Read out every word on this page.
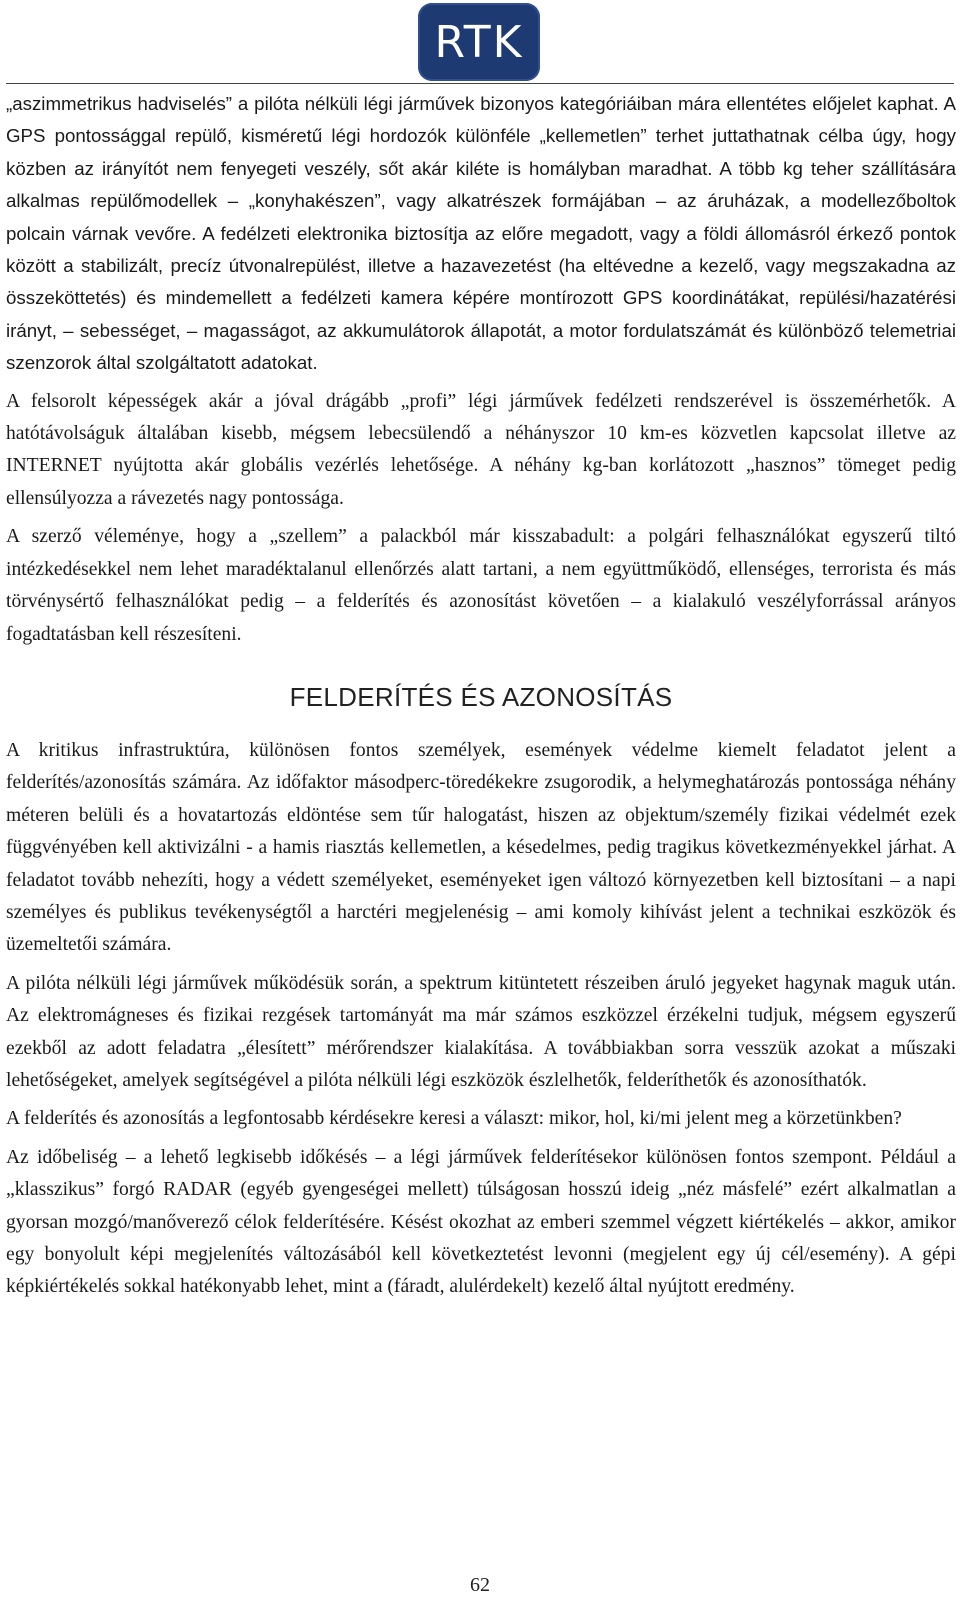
RTK

„aszimmetrikus hadviselés” a pilóta nélküli légi járművek bizonyos kategóriáiban mára ellentétes előjelet kaphat. A GPS pontossággal repülő, kisméretű légi hordozók különféle „kellemetlen” terhet juttathatnak célba úgy, hogy közben az irányítót nem fenyegeti veszély, sőt akár kiléte is homályban maradhat. A több kg teher szállítására alkalmas repülőmodellek – „konyhakészen”, vagy alkatrészek formájában – az áruházak, a modellezőboltok polcain várnak vevőre. A fedélzeti elektronika biztosítja az előre megadott, vagy a földi állomásról érkező pontok között a stabilizált, precíz útvonalrepülést, illetve a hazavezetést (ha eltévedne a kezelő, vagy megszakadna az összeköttetés) és mindemellett a fedélzeti kamera képére montírozott GPS koordinátákat, repülési/hazatérési irányt, – sebességet, – magasságot, az akkumulátorok állapotát, a motor fordulatszámát és különböző telemetriai szenzorok által szolgáltatott adatokat.

A felsorolt képességek akár a jóval drágább „profi” légi járművek fedélzeti rendszerével is összemérhetők. A hatótávolságuk általában kisebb, mégsem lebecsülendő a néhányszor 10 km-es közvetlen kapcsolat illetve az INTERNET nyújtotta akár globális vezérlés lehetősége. A néhány kg-ban korlátozott „hasznos” tömeget pedig ellensúlyozza a rávezetés nagy pontossága.

A szerző véleménye, hogy a „szellem” a palackból már kisszabadult: a polgári felhasználókat egyszerű tiltó intézkedésekkel nem lehet maradéktalanul ellenőrzés alatt tartani, a nem együttműködő, ellenséges, terrorista és más törvénysértő felhasználókat pedig – a felderítés és azonosítást követően – a kialakuló veszélyforrással arányos fogadtatásban kell részesíteni.

FELDERÍTÉS ÉS AZONOSÍTÁS

A kritikus infrastruktúra, különösen fontos személyek, események védelme kiemelt feladatot jelent a felderítés/azonosítás számára. Az időfaktor másodperc-töredékekre zsugorodik, a helymeghatározás pontossága néhány méteren belüli és a hovatartozás eldöntése sem tűr halogatást, hiszen az objektum/személy fizikai védelmét ezek függvényében kell aktivizálni - a hamis riasztás kellemetlen, a késedelmes, pedig tragikus következményekkel járhat. A feladatot tovább nehezíti, hogy a védett személyeket, eseményeket igen változó környezetben kell biztosítani – a napi személyes és publikus tevékenységtől a harctéri megjelenésig – ami komoly kihívást jelent a technikai eszközök és üzemeltetői számára.

A pilóta nélküli légi járművek működésük során, a spektrum kitüntetett részeiben áruló jegyeket hagynak maguk után. Az elektromágneses és fizikai rezgések tartományát ma már számos eszközzel érzékelni tudjuk, mégsem egyszerű ezekből az adott feladatra „élesített” mérőrendszer kialakítása. A továbbiakban sorra vesszük azokat a műszaki lehetőségeket, amelyek segítségével a pilóta nélküli légi eszközök észlelhetők, felderíthetők és azonosíthatók.

A felderítés és azonosítás a legfontosabb kérdésekre keresi a választ: mikor, hol, ki/mi jelent meg a körzetünkben?

Az időbeliség – a lehető legkisebb időkésés – a légi járművek felderítésekor különösen fontos szempont. Például a „klasszikus” forgó RADAR (egyéb gyengeségei mellett) túlságosan hosszú ideig „néz másfelé” ezért alkalmatlan a gyorsan mozgó/manőverező célok felderítésére. Késést okozhat az emberi szemmel végzett kiértékelés – akkor, amikor egy bonyolult képi megjelenítés változásából kell következtetést levonni (megjelent egy új cél/esemény). A gépi képkiértékelés sokkal hatékonyabb lehet, mint a (fáradt, alulérdekelt) kezelő által nyújtott eredmény.

62
